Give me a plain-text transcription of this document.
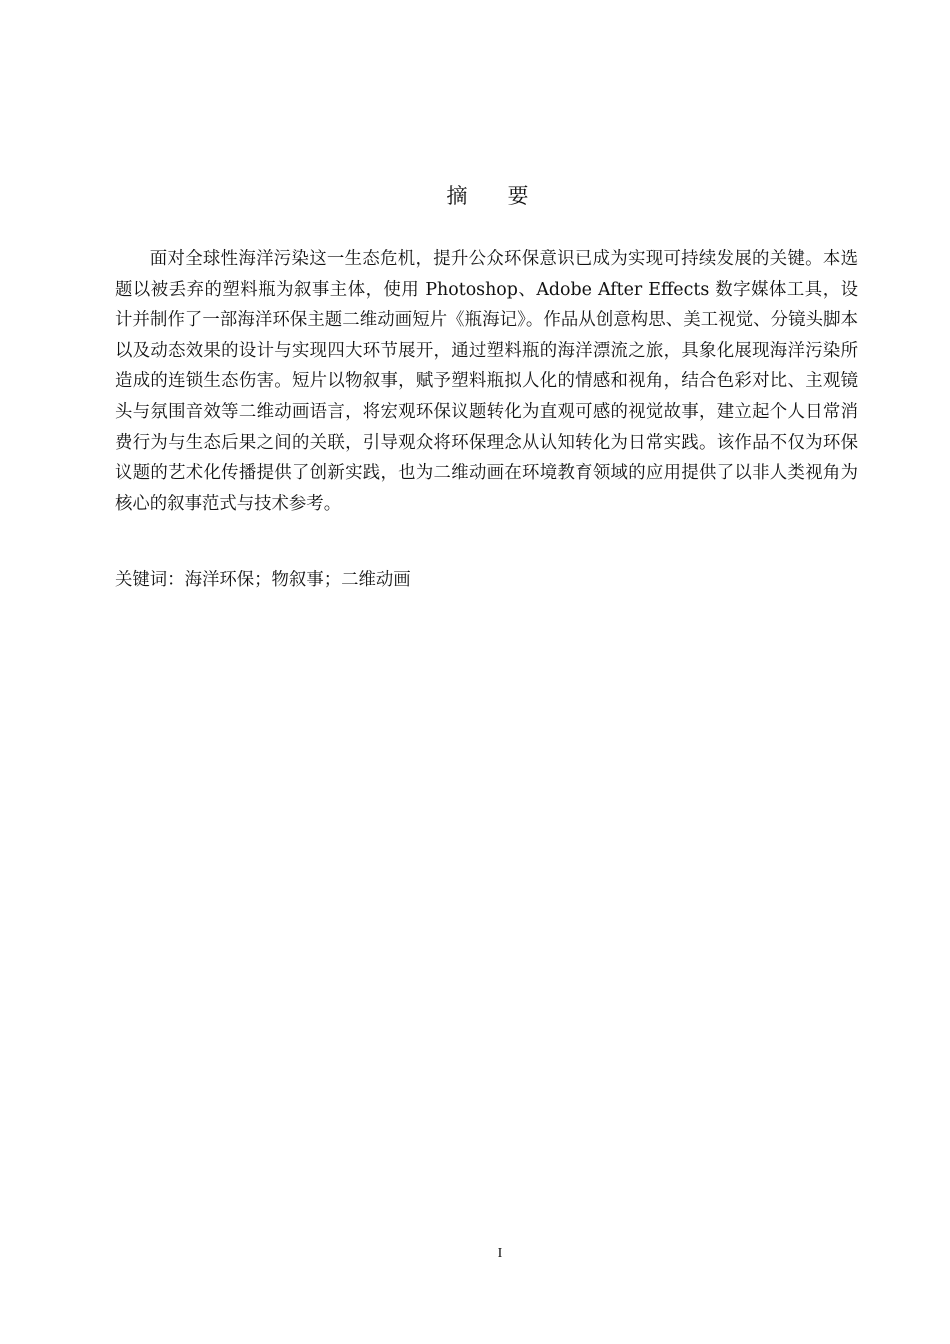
摘 要

面对全球性海洋污染这一生态危机，提升公众环保意识已成为实现可持续发展的关键。本选题以被丢弃的塑料瓶为叙事主体，使用 Photoshop、Adobe After Effects 数字媒体工具，设计并制作了一部海洋环保主题二维动画短片《瓶海记》。作品从创意构思、美工视觉、分镜头脚本以及动态效果的设计与实现四大环节展开，通过塑料瓶的海洋漂流之旅，具象化展现海洋污染所造成的连锁生态伤害。短片以物叙事，赋予塑料瓶拟人化的情感和视角，结合色彩对比、主观镜头与氛围音效等二维动画语言，将宏观环保议题转化为直观可感的视觉故事，建立起个人日常消费行为与生态后果之间的关联，引导观众将环保理念从认知转化为日常实践。该作品不仅为环保议题的艺术化传播提供了创新实践，也为二维动画在环境教育领域的应用提供了以非人类视角为核心的叙事范式与技术参考。

关键词：海洋环保；物叙事；二维动画

I
